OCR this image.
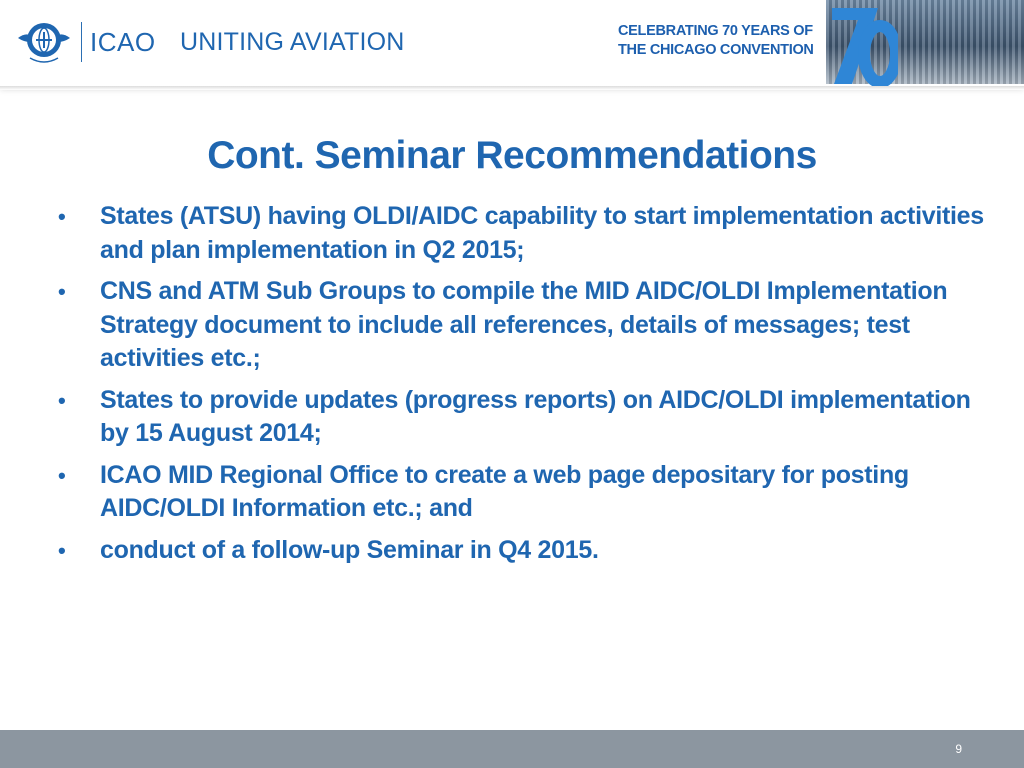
ICAO UNITING AVIATION	CELEBRATING 70 YEARS OF
THE CHICAGO CONVENTION
Cont. Seminar Recommendations
• States (ATSU) having OLDI/AIDC capability to start implementation activities and plan implementation in Q2 2015;
• CNS and ATM Sub Groups to compile the MID AIDC/OLDI Implementation Strategy document to include all references, details of messages; test activities etc.;
• States to provide updates (progress reports) on AIDC/OLDI implementation by 15 August 2014;
• ICAO MID Regional Office to create a web page depositary for posting AIDC/OLDI Information etc.; and
• conduct of a follow-up Seminar in Q4 2015.
9
